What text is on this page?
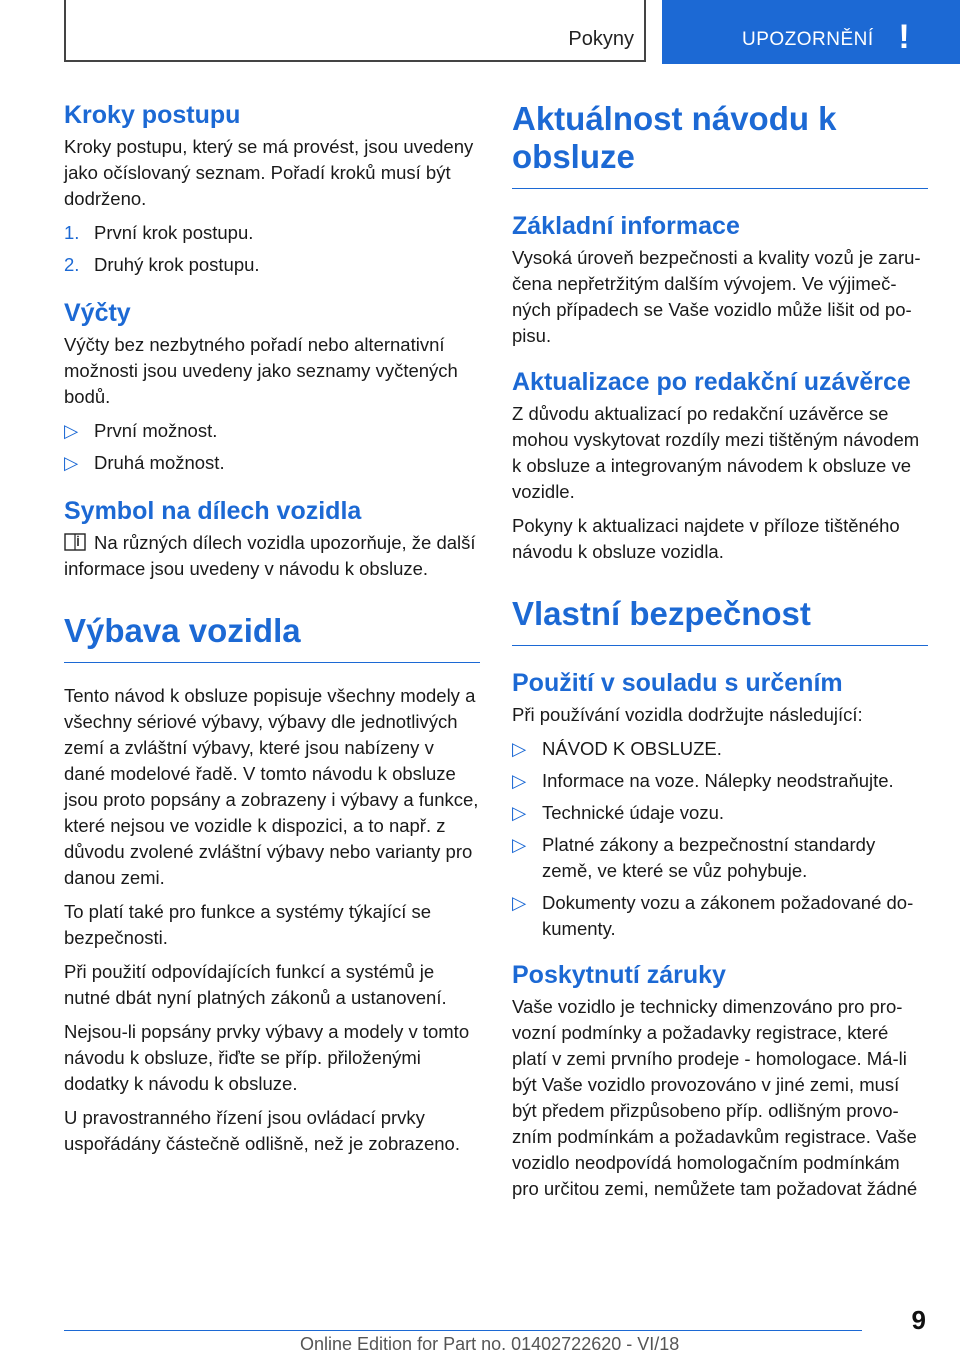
Pokyny	UPOZORNĚNÍ !
Kroky postupu

Kroky postupu, který se má provést, jsou uvedeny jako očíslovaný seznam. Pořadí kroků musí být dodrženo.

1. První krok postupu.
2. Druhý krok postupu.
Výčty

Výčty bez nezbytného pořadí nebo alternativní možnosti jsou uvedeny jako seznamy vyčtených bodů.

▷ První možnost.
▷ Druhá možnost.
Symbol na dílech vozidla

Na různých dílech vozidla upozorňuje, že další informace jsou uvedeny v návodu k obsluze.

Výbava vozidla

Tento návod k obsluze popisuje všechny modely a všechny sériové výbavy, výbavy dle jednotlivých zemí a zvláštní výbavy, které jsou nabízeny v dané modelové řadě. V tomto návodu k obsluze jsou proto popsány a zobrazeny i výbavy a funkce, které nejsou ve vozidle k dispozici, a to např. z důvodu zvolené zvláštní výbavy nebo varianty pro danou zemi.

To platí také pro funkce a systémy týkající se bezpečnosti.

Při použití odpovídajících funkcí a systémů je nutné dbát nyní platných zákonů a ustanovení.

Nejsou-li popsány prvky výbavy a modely v tomto návodu k obsluze, řiďte se příp. přiloženými dodatky k návodu k obsluze.

U pravostranného řízení jsou ovládací prvky uspořádány částečně odlišně, než je zobrazeno.

Aktuálnost návodu k obsluze
Základní informace

Vysoká úroveň bezpečnosti a kvality vozů je zaručena nepřetržitým dalším vývojem. Ve výjimečných případech se Vaše vozidlo může lišit od popisu.

Aktualizace po redakční uzávěrce

Z důvodu aktualizací po redakční uzávěrce se mohou vyskytovat rozdíly mezi tištěným návodem k obsluze a integrovaným návodem k obsluze ve vozidle.

Pokyny k aktualizaci najdete v příloze tištěného návodu k obsluze vozidla.

Vlastní bezpečnost
Použití v souladu s určením

Při používání vozidla dodržujte následující:

▷ NÁVOD K OBSLUZE.
▷ Informace na voze. Nálepky neodstraňujte.
▷ Technické údaje vozu.
▷ Platné zákony a bezpečnostní standardy země, ve které se vůz pohybuje.
▷ Dokumenty vozu a zákonem požadované dokumenty.
Poskytnutí záruky

Vaše vozidlo je technicky dimenzováno pro provozní podmínky a požadavky registrace, které platí v zemi prvního prodeje - homologace. Má-li být Vaše vozidlo provozováno v jiné zemi, musí být předem přizpůsobeno příp. odlišným provozním podmínkám a požadavkům registrace. Vaše vozidlo neodpovídá homologačním podmínkám pro určitou zemi, nemůžete tam požadovat žádné

9
Online Edition for Part no. 01402722620 - VI/18
